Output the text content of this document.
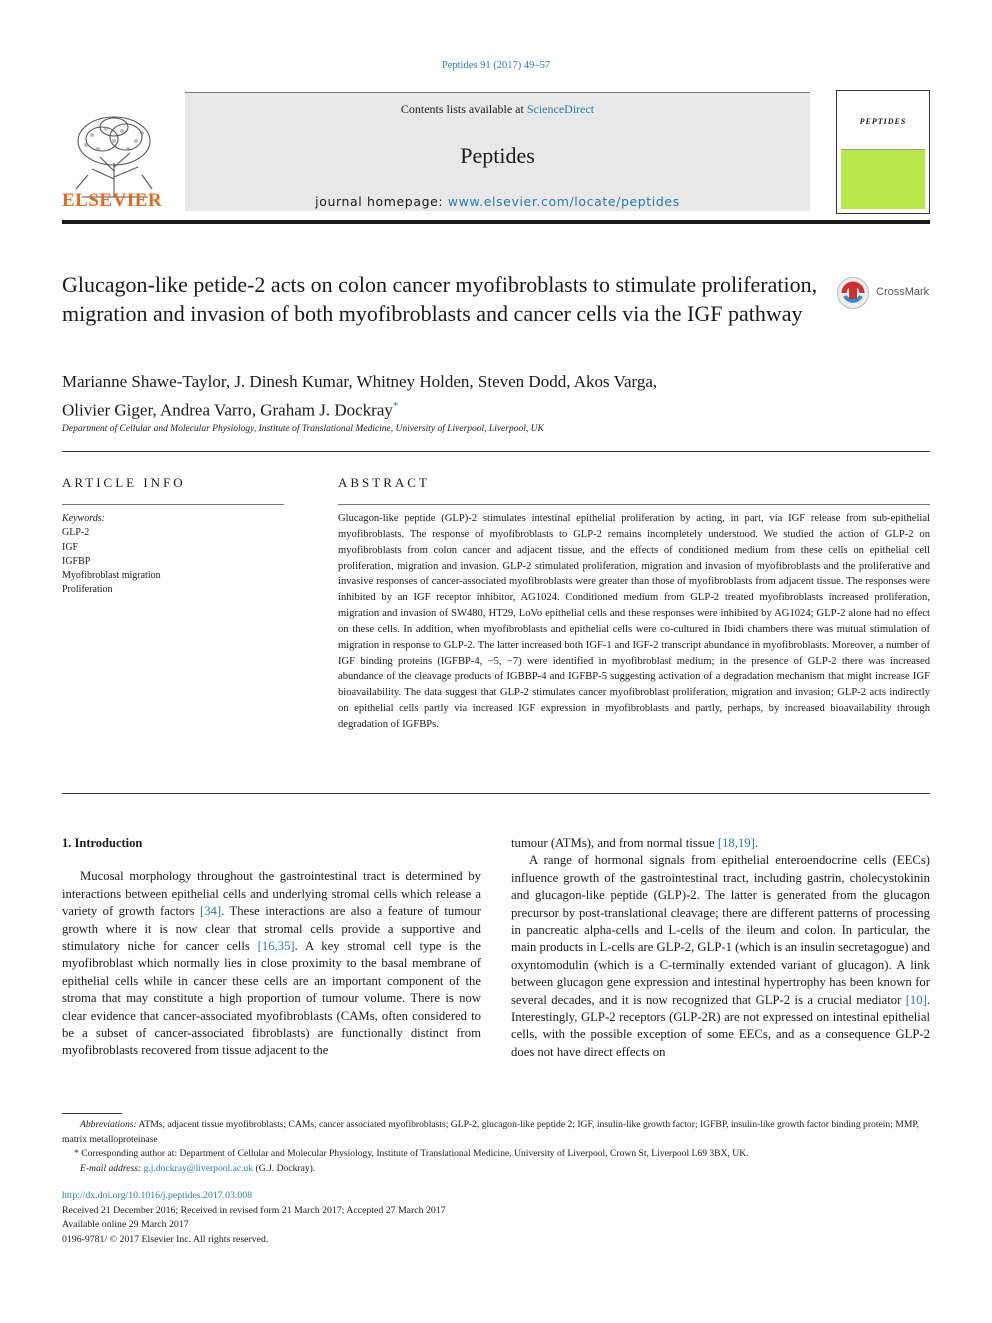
Peptides 91 (2017) 49–57
ELSEVIER
Contents lists available at ScienceDirect
Peptides
journal homepage: www.elsevier.com/locate/peptides
PEPTIDES
Glucagon-like petide-2 acts on colon cancer myofibroblasts to stimulate proliferation, migration and invasion of both myofibroblasts and cancer cells via the IGF pathway
CrossMark
Marianne Shawe-Taylor, J. Dinesh Kumar, Whitney Holden, Steven Dodd, Akos Varga,
Olivier Giger, Andrea Varro, Graham J. Dockray*
Department of Cellular and Molecular Physiology, Institute of Translational Medicine, University of Liverpool, Liverpool, UK
ARTICLE INFO
Keywords:
GLP-2
IGF
IGFBP
Myofibroblast migration
Proliferation
ABSTRACT
Glucagon-like peptide (GLP)-2 stimulates intestinal epithelial proliferation by acting, in part, via IGF release from sub-epithelial myofibroblasts. The response of myofibroblasts to GLP-2 remains incompletely understood. We studied the action of GLP-2 on myofibroblasts from colon cancer and adjacent tissue, and the effects of conditioned medium from these cells on epithelial cell proliferation, migration and invasion. GLP-2 stimulated proliferation, migration and invasion of myofibroblasts and the proliferative and invasive responses of cancer-associated myofibroblasts were greater than those of myofibroblasts from adjacent tissue. The responses were inhibited by an IGF receptor inhibitor, AG1024. Conditioned medium from GLP-2 treated myofibroblasts increased proliferation, migration and invasion of SW480, HT29, LoVo epithelial cells and these responses were inhibited by AG1024; GLP-2 alone had no effect on these cells. In addition, when myofibroblasts and epithelial cells were co-cultured in Ibidi chambers there was mutual stimulation of migration in response to GLP-2. The latter increased both IGF-1 and IGF-2 transcript abundance in myofibroblasts. Moreover, a number of IGF binding proteins (IGFBP-4, −5, −7) were identified in myofibroblast medium; in the presence of GLP-2 there was increased abundance of the cleavage products of IGBBP-4 and IGFBP-5 suggesting activation of a degradation mechanism that might increase IGF bioavailability. The data suggest that GLP-2 stimulates cancer myofibroblast proliferation, migration and invasion; GLP-2 acts indirectly on epithelial cells partly via increased IGF expression in myofibroblasts and partly, perhaps, by increased bioavailability through degradation of IGFBPs.

1. Introduction

Mucosal morphology throughout the gastrointestinal tract is determined by interactions between epithelial cells and underlying stromal cells which release a variety of growth factors [34]. These interactions are also a feature of tumour growth where it is now clear that stromal cells provide a supportive and stimulatory niche for cancer cells [16,35]. A key stromal cell type is the myofibroblast which normally lies in close proximity to the basal membrane of epithelial cells while in cancer these cells are an important component of the stroma that may constitute a high proportion of tumour volume. There is now clear evidence that cancer-associated myofibroblasts (CAMs, often considered to be a subset of cancer-associated fibroblasts) are functionally distinct from myofibroblasts recovered from tissue adjacent to the

tumour (ATMs), and from normal tissue [18,19].

A range of hormonal signals from epithelial enteroendocrine cells (EECs) influence growth of the gastrointestinal tract, including gastrin, cholecystokinin and glucagon-like peptide (GLP)-2. The latter is generated from the glucagon precursor by post-translational cleavage; there are different patterns of processing in pancreatic alpha-cells and L-cells of the ileum and colon. In particular, the main products in L-cells are GLP-2, GLP-1 (which is an insulin secretagogue) and oxyntomodulin (which is a C-terminally extended variant of glucagon). A link between glucagon gene expression and intestinal hypertrophy has been known for several decades, and it is now recognized that GLP-2 is a crucial mediator [10]. Interestingly, GLP-2 receptors (GLP-2R) are not expressed on intestinal epithelial cells, with the possible exception of some EECs, and as a consequence GLP-2 does not have direct effects on

Abbreviations: ATMs, adjacent tissue myofibroblasts; CAMs, cancer associated myofibroblasts; GLP-2, glucagon-like peptide 2; IGF, insulin-like growth factor; IGFBP, insulin-like growth factor binding protein; MMP, matrix metalloproteinase

* Corresponding author at: Department of Cellular and Molecular Physiology, Institute of Translational Medicine, University of Liverpool, Crown St, Liverpool L69 3BX, UK.

E-mail address: g.j.dockray@liverpool.ac.uk (G.J. Dockray).

http://dx.doi.org/10.1016/j.peptides.2017.03.008

Received 21 December 2016; Received in revised form 21 March 2017; Accepted 27 March 2017

Available online 29 March 2017

0196-9781/ © 2017 Elsevier Inc. All rights reserved.
